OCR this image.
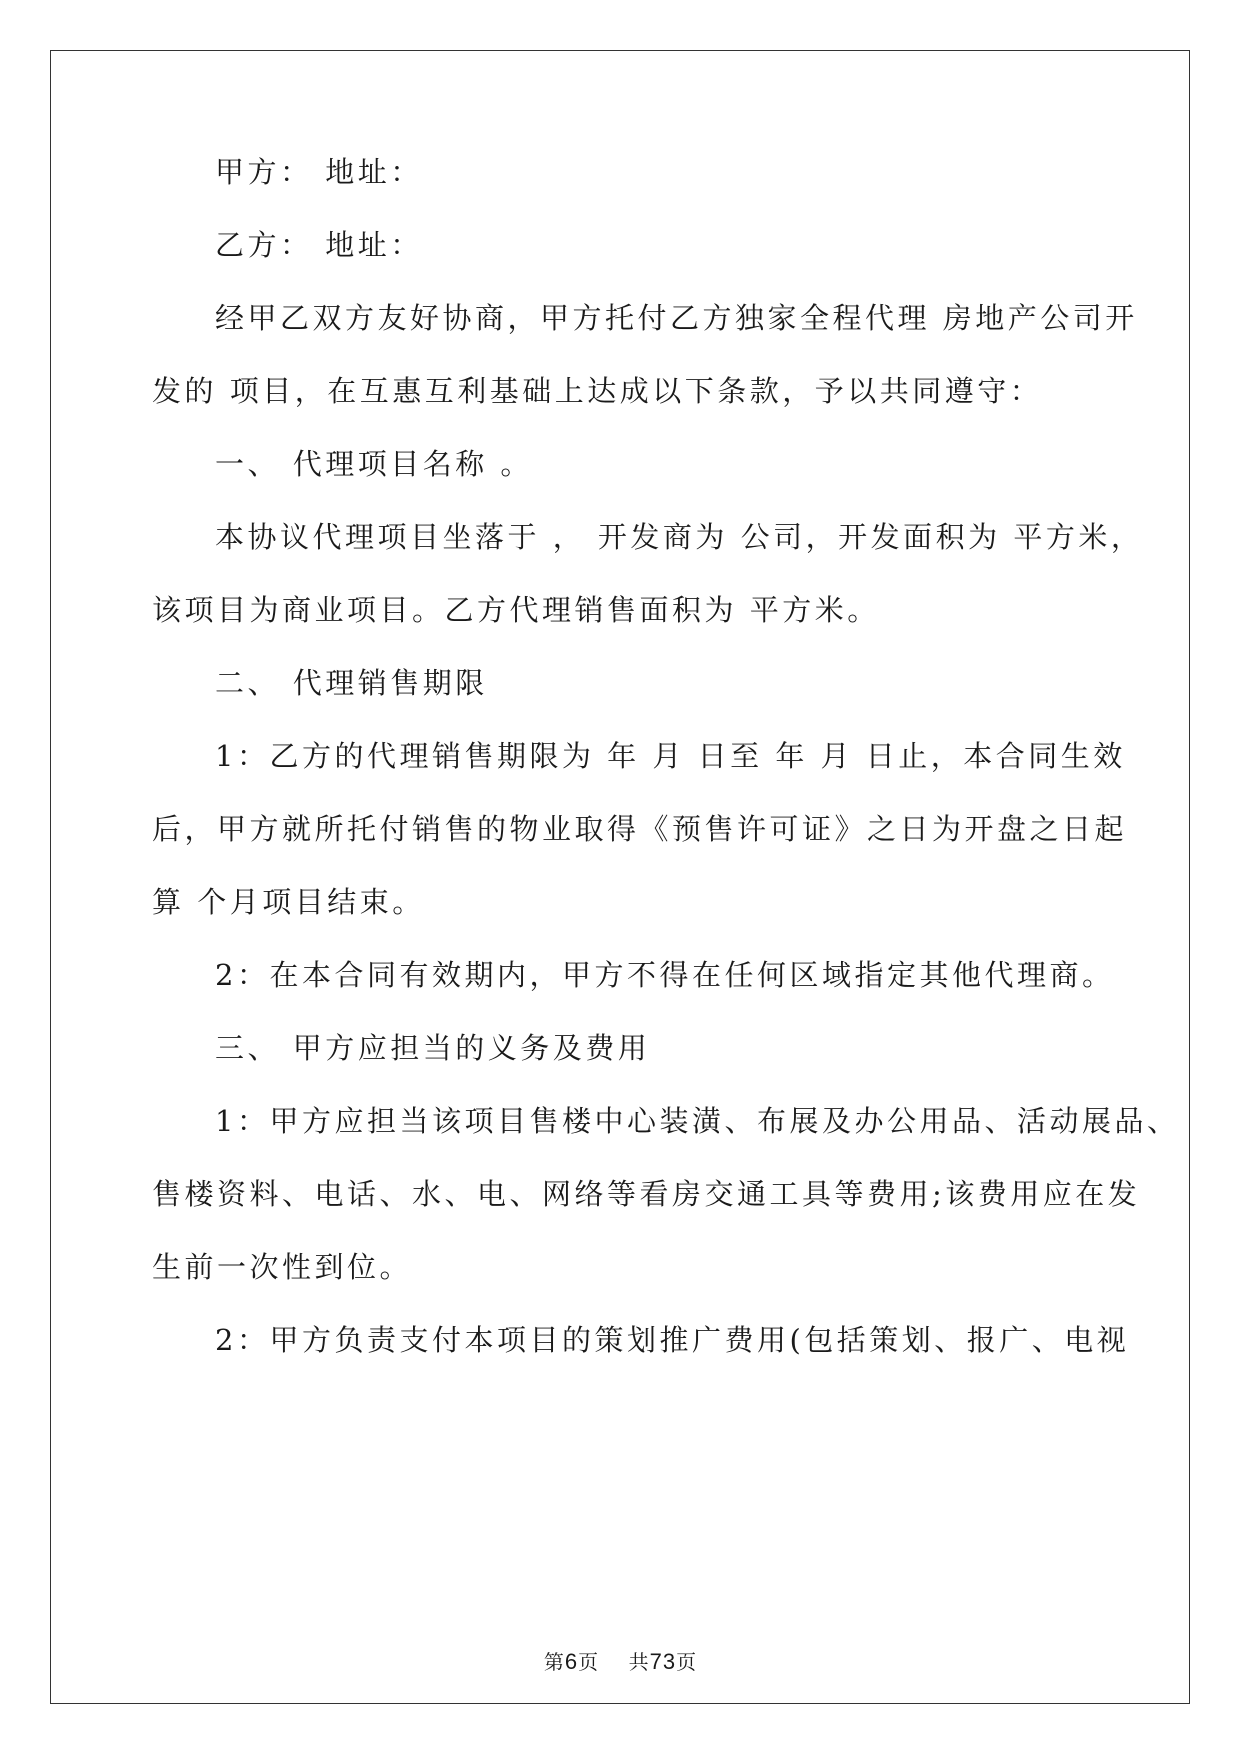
甲方： 地址：
乙方： 地址：
经甲乙双方友好协商，甲方托付乙方独家全程代理 房地产公司开
发的 项目，在互惠互利基础上达成以下条款，予以共同遵守：
一、 代理项目名称 。
本协议代理项目坐落于 ， 开发商为 公司，开发面积为 平方米，
该项目为商业项目。乙方代理销售面积为 平方米。
二、 代理销售期限
1：乙方的代理销售期限为 年 月 日至 年 月 日止，本合同生效
后，甲方就所托付销售的物业取得《预售许可证》之日为开盘之日起
算 个月项目结束。
2：在本合同有效期内，甲方不得在任何区域指定其他代理商。
三、 甲方应担当的义务及费用
1：甲方应担当该项目售楼中心装潢、布展及办公用品、活动展品、
售楼资料、电话、水、电、网络等看房交通工具等费用;该费用应在发
生前一次性到位。
2：甲方负责支付本项目的策划推广费用(包括策划、报广、电视
第6页    共73页
